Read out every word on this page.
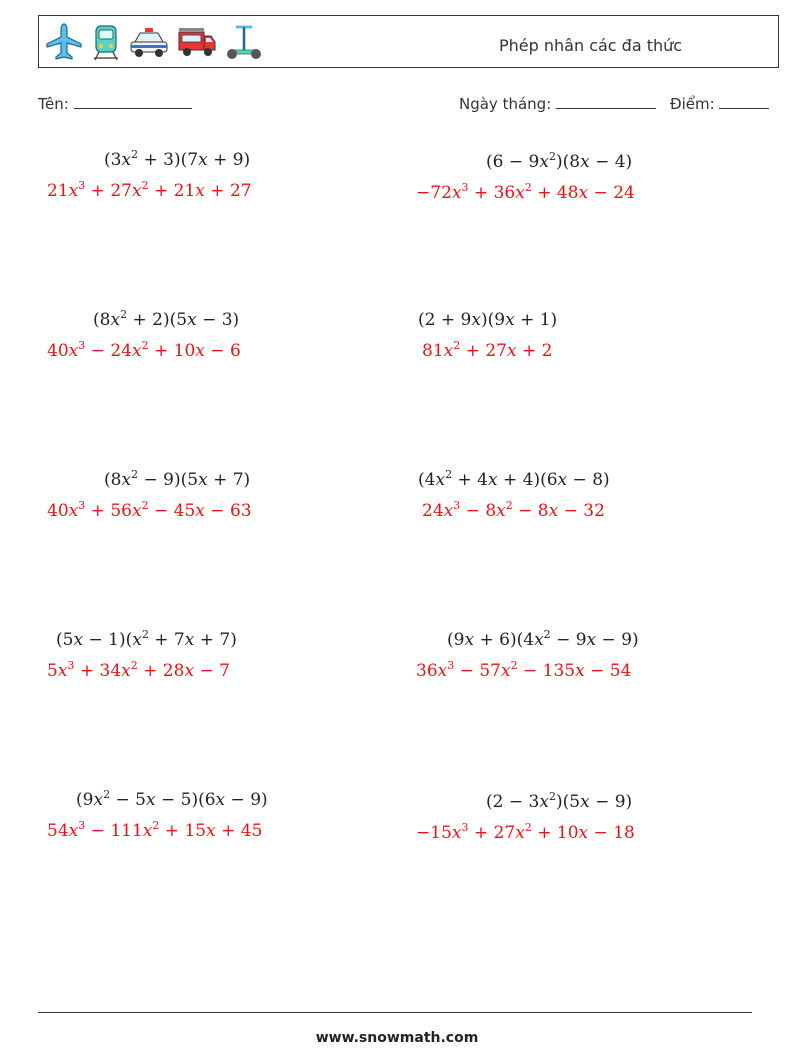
Phép nhân các đa thức
Tên:	Ngày tháng:	Điểm:
$(3x^2 + 3)(7x + 9)$
$21x^3 + 27x^2 + 21x + 27$
$(8x^2 + 2)(5x - 3)$
$40x^3 - 24x^2 + 10x - 6$
$(8x^2 - 9)(5x + 7)$
$40x^3 + 56x^2 - 45x - 63$
$(5x - 1)(x^2 + 7x + 7)$
$5x^3 + 34x^2 + 28x - 7$
$(9x^2 - 5x - 5)(6x - 9)$
$54x^3 - 111x^2 + 15x + 45$
$(6 - 9x^2)(8x - 4)$
$-72x^3 + 36x^2 + 48x - 24$
(2 + 9x)(9x + 1)
$81x^2 + 27x + 2$
$(4x^2 + 4x + 4)(6x - 8)$
$24x^3 - 8x^2 - 8x - 32$
$(9x + 6)(4x^2 - 9x - 9)$
$36x^3 - 57x^2 - 135x - 54$
$(2 - 3x^2)(5x - 9)$
$-15x^3 + 27x^2 + 10x - 18$
www.snowmath.com
